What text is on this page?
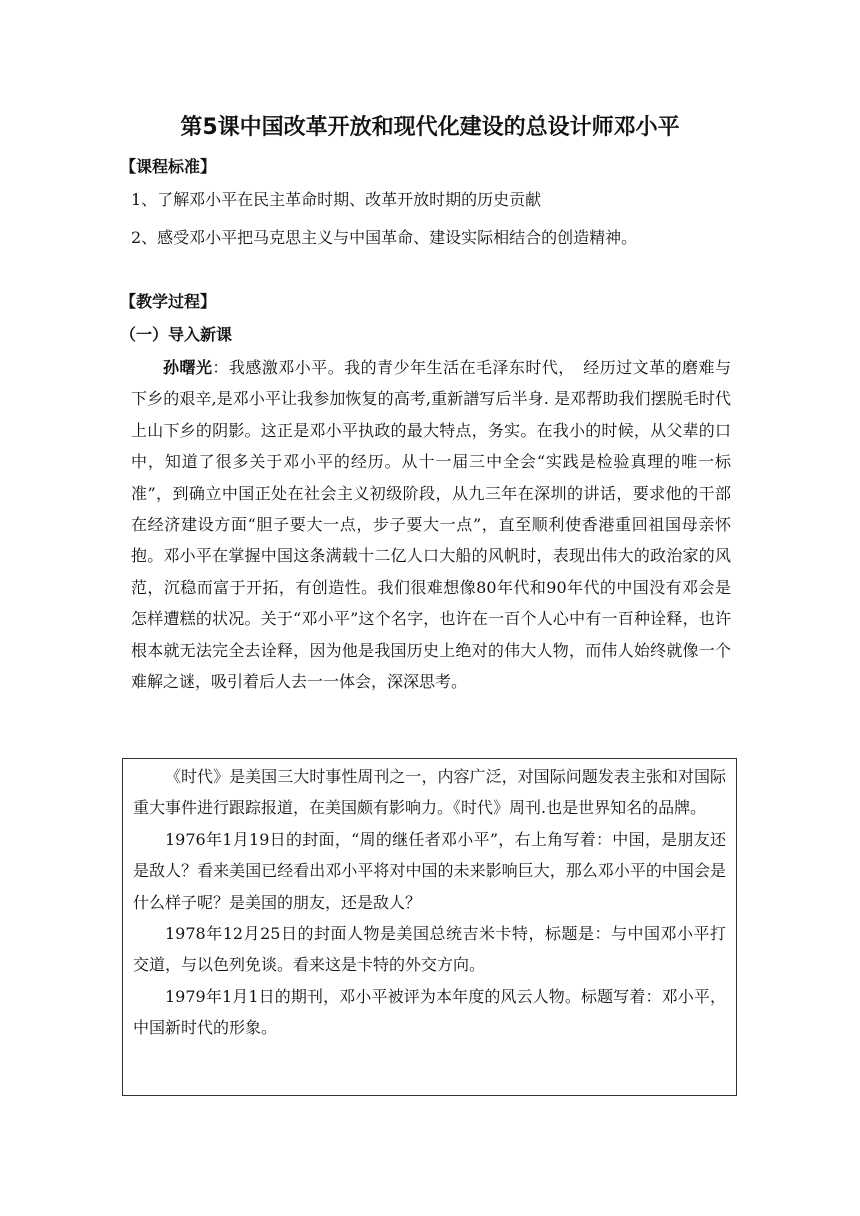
第5课中国改革开放和现代化建设的总设计师邓小平
【课程标准】
1、了解邓小平在民主革命时期、改革开放时期的历史贡献
2、感受邓小平把马克思主义与中国革命、建设实际相结合的创造精神。
【教学过程】
（一）导入新课
孙曙光：我感激邓小平。我的青少年生活在毛泽东时代，　经历过文革的磨难与下乡的艰辛,是邓小平让我参加恢复的高考,重新譜写后半身. 是邓帮助我们摆脱毛时代上山下乡的阴影。这正是邓小平执政的最大特点，务实。在我小的时候，从父辈的口中，知道了很多关于邓小平的经历。从十一届三中全会“实践是检验真理的唯一标准”，到确立中国正处在社会主义初级阶段，从九三年在深圳的讲话，要求他的干部在经济建设方面“胆子要大一点，步子要大一点”，直至顺利使香港重回祖国母亲怀抱。邓小平在掌握中国这条满载十二亿人口大船的风帆时，表现出伟大的政治家的风范，沉稳而富于开拓，有创造性。我们很难想像80年代和90年代的中国没有邓会是怎样遭糕的状况。关于“邓小平”这个名字，也许在一百个人心中有一百种诠释，也许根本就无法完全去诠释，因为他是我国历史上绝对的伟大人物，而伟人始终就像一个难解之谜，吸引着后人去一一体会，深深思考。

《时代》是美国三大时事性周刊之一，内容广泛，对国际问题发表主张和对国际重大事件进行跟踪报道，在美国颇有影响力。《时代》周刊.也是世界知名的品牌。

1976年1月19日的封面，“周的继任者邓小平”，右上角写着：中国，是朋友还是敌人？看来美国已经看出邓小平将对中国的未来影响巨大，那么邓小平的中国会是什么样子呢？是美国的朋友，还是敌人？

1978年12月25日的封面人物是美国总统吉米卡特，标题是：与中国邓小平打交道，与以色列免谈。看来这是卡特的外交方向。

1979年1月1日的期刊，邓小平被评为本年度的风云人物。标题写着：邓小平，中国新时代的形象。
